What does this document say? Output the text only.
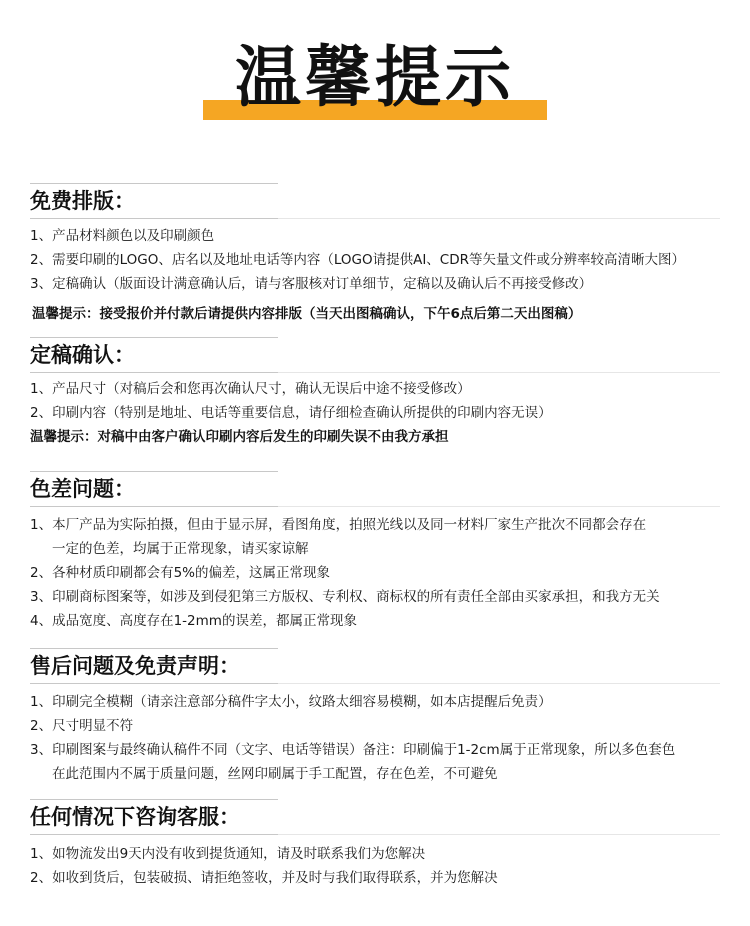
温馨提示
免费排版：
1、产品材料颜色以及印刷颜色
2、需要印刷的LOGO、店名以及地址电话等内容（LOGO请提供AI、CDR等矢量文件或分辨率较高清晰大图）
3、定稿确认（版面设计满意确认后，请与客服核对订单细节，定稿以及确认后不再接受修改）
温馨提示：接受报价并付款后请提供内容排版（当天出图稿确认，下午6点后第二天出图稿）
定稿确认：
1、产品尺寸（对稿后会和您再次确认尺寸，确认无误后中途不接受修改）
2、印刷内容（特别是地址、电话等重要信息，请仔细检查确认所提供的印刷内容无误）
温馨提示：对稿中由客户确认印刷内容后发生的印刷失误不由我方承担
色差问题：
1、本厂产品为实际拍摄，但由于显示屏，看图角度，拍照光线以及同一材料厂家生产批次不同都会存在
一定的色差，均属于正常现象，请买家谅解
2、各种材质印刷都会有5%的偏差，这属正常现象
3、印刷商标图案等，如涉及到侵犯第三方版权、专利权、商标权的所有责任全部由买家承担，和我方无关
4、成品宽度、高度存在1-2mm的误差，都属正常现象
售后问题及免责声明：
1、印刷完全模糊（请亲注意部分稿件字太小，纹路太细容易模糊，如本店提醒后免责）
2、尺寸明显不符
3、印刷图案与最终确认稿件不同（文字、电话等错误）备注：印刷偏于1-2cm属于正常现象，所以多色套色
在此范围内不属于质量问题，丝网印刷属于手工配置，存在色差，不可避免
任何情况下咨询客服：
1、如物流发出9天内没有收到提货通知，请及时联系我们为您解决
2、如收到货后，包装破损、请拒绝签收，并及时与我们取得联系，并为您解决
